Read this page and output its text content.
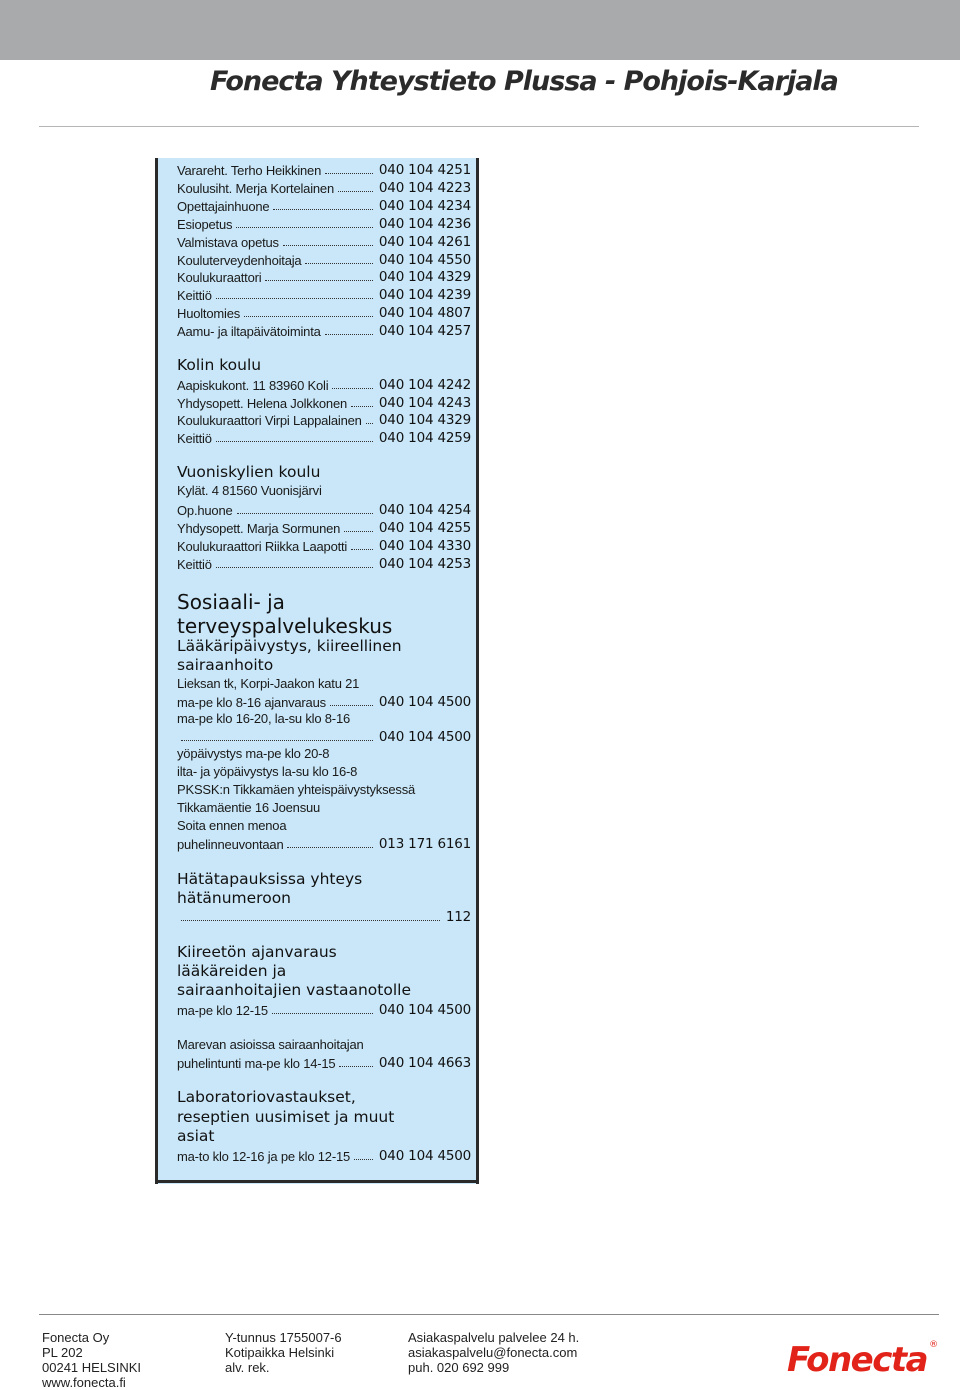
Fonecta Yhteystieto Plussa - Pohjois-Karjala
Varareht. Terho Heikkinen	040 104 4251
Koulusiht. Merja Kortelainen	040 104 4223
Opettajainhuone	040 104 4234
Esiopetus	040 104 4236
Valmistava opetus	040 104 4261
Kouluterveydenhoitaja	040 104 4550
Koulukuraattori	040 104 4329
Keittiö	040 104 4239
Huoltomies	040 104 4807
Aamu- ja iltapäivätoiminta	040 104 4257
Kolin koulu
Aapiskukont. 11 83960 Koli	040 104 4242
Yhdysopett. Helena Jolkkonen 040 104 4243
Koulukuraattori Virpi Lappalainen 040 104 4329
Keittiö	040 104 4259
Vuoniskylien koulu
Kylät. 4 81560 Vuonisjärvi
Op.huone	040 104 4254
Yhdysopett. Marja Sormunen	040 104 4255
Koulukuraattori Riikka Laapotti 040 104 4330
Keittiö	040 104 4253
Sosiaali- ja
terveyspalvelukeskus
Lääkäripäivystys, kiireellinen
sairaanhoito
Lieksan tk, Korpi-Jaakon katu 21
ma-pe klo 8-16 ajanvaraus	040 104 4500
ma-pe klo 16-20, la-su klo 8-16
040 104 4500
yöpäivystys ma-pe klo 20-8
ilta- ja yöpäivystys la-su klo 16-8
PKSSK:n Tikkamäen yhteispäivystyksessä
Tikkamäentie 16 Joensuu
Soita ennen menoa
puhelinneuvontaan	013 171 6161
Hätätapauksissa yhteys
hätänumeroon
112
Kiireetön ajanvaraus
lääkäreiden ja
sairaanhoitajien vastaanotolle
ma-pe klo 12-15	040 104 4500
Marevan asioissa sairaanhoitajan
puhelintunti ma-pe klo 14-15	040 104 4663
Laboratoriovastaukset,
reseptien uusimiset ja muut
asiat
ma-to klo 12-16 ja pe klo 12-15 040 104 4500
Fonecta Oy
PL 202
00241 HELSINKI
www.fonecta.fi
Y-tunnus 1755007-6
Kotipaikka Helsinki
alv. rek.
Asiakaspalvelu palvelee 24 h.
asiakaspalvelu@fonecta.com
puh. 020 692 999	Fonecta ®
